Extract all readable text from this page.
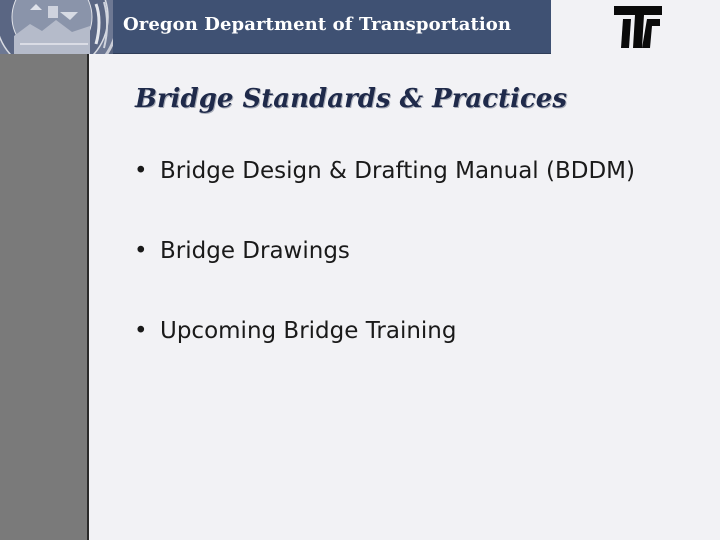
Oregon Department of Transportation
Bridge Standards & Practices
• Bridge Design & Drafting Manual (BDDM)
• Bridge Drawings
• Upcoming Bridge Training
